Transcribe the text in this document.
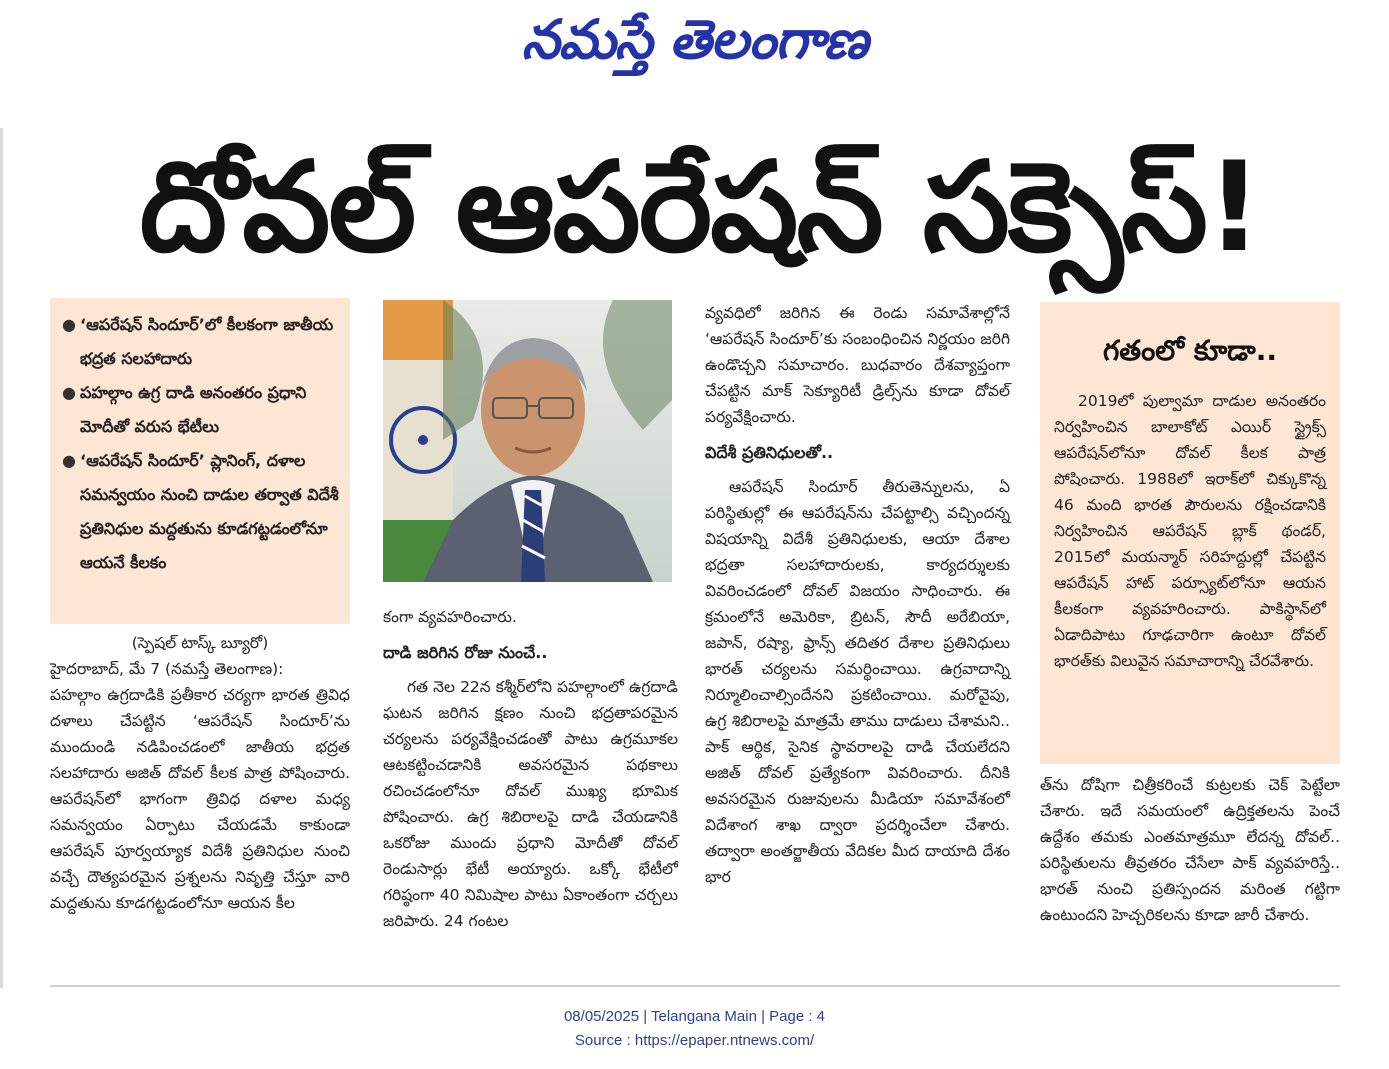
నమస్తే తెలంగాణ
దోవల్ ఆపరేషన్ సక్సెస్!
● ‘ఆపరేషన్ సిందూర్’లో కీలకంగా జాతీయ భద్రత సలహాదారు
● పహల్గాం ఉగ్ర దాడి అనంతరం ప్రధాని మోదీతో వరుస భేటీలు
● ‘ఆపరేషన్ సిందూర్’ ప్లానింగ్, దళాల సమన్వయం నుంచి దాడుల తర్వాత విదేశీ ప్రతినిధుల మద్దతును కూడగట్టడంలోనూ ఆయనే కీలకం

(స్పెషల్ టాస్క్ బ్యూరో)

హైదరాబాద్, మే 7 (నమస్తే తెలంగాణ):

పహల్గాం ఉగ్రదాడికి ప్రతీకార చర్యగా భారత త్రివిధ దళాలు చేపట్టిన ‘ఆపరేషన్ సిందూర్’ను ముందుండి నడిపించడంలో జాతీయ భద్రత సలహాదారు అజిత్ దోవల్ కీలక పాత్ర పోషించారు. ఆపరేషన్‌లో భాగంగా త్రివిధ దళాల మధ్య సమన్వయం ఏర్పాటు చేయడమే కాకుండా ఆపరేషన్ పూర్వయ్యాక విదేశీ ప్రతినిధుల నుంచి వచ్చే దౌత్యపరమైన ప్రశ్నలను నివృత్తి చేస్తూ వారి మద్దతును కూడగట్టడంలోనూ ఆయన కీల

కంగా వ్యవహరించారు.

దాడి జరిగిన రోజు నుంచే..

గత నెల 22న కశ్మీర్‌లోని పహల్గాంలో ఉగ్రదాడి ఘటన జరిగిన క్షణం నుంచి భద్రతాపరమైన చర్యలను పర్యవేక్షించడంతో పాటు ఉగ్రమూకల ఆటకట్టించడానికి అవసరమైన పథకాలు రచించడంలోనూ దోవల్ ముఖ్య భూమిక పోషించారు. ఉగ్ర శిబిరాలపై దాడి చేయడానికి ఒకరోజు ముందు ప్రధాని మోదీతో దోవల్ రెండుసార్లు భేటీ అయ్యారు. ఒక్కో భేటీలో గరిష్ఠంగా 40 నిమిషాల పాటు ఏకాంతంగా చర్చలు జరిపారు. 24 గంటల

వ్యవధిలో జరిగిన ఈ రెండు సమావేశాల్లోనే ‘ఆపరేషన్ సిందూర్’కు సంబంధించిన నిర్ణయం జరిగి ఉండొచ్చని సమాచారం. బుధవారం దేశవ్యాప్తంగా చేపట్టిన మాక్ సెక్యూరిటీ డ్రిల్స్‌ను కూడా దోవల్ పర్యవేక్షించారు.

విదేశీ ప్రతినిధులతో..

ఆపరేషన్ సిందూర్ తీరుతెన్నులను, ఏ పరిస్థితుల్లో ఈ ఆపరేషన్‌ను చేపట్టాల్సి వచ్చిందన్న విషయాన్ని విదేశీ ప్రతినిధులకు, ఆయా దేశాల భద్రతా సలహాదారులకు, కార్యదర్శులకు వివరించడంలో దోవల్ విజయం సాధించారు. ఈ క్రమంలోనే అమెరికా, బ్రిటన్, సౌదీ అరేబియా, జపాన్, రష్యా, ఫ్రాన్స్ తదితర దేశాల ప్రతినిధులు భారత్ చర్యలను సమర్థించాయి. ఉగ్రవాదాన్ని నిర్మూలించాల్సిందేనని ప్రకటించాయి. మరోవైపు, ఉగ్ర శిబిరాలపై మాత్రమే తాము దాడులు చేశామని.. పాక్ ఆర్థిక, సైనిక స్థావరాలపై దాడి చేయలేదని అజిత్ దోవల్ ప్రత్యేకంగా వివరించారు. దీనికి అవసరమైన రుజువులను మీడియా సమావేశంలో విదేశాంగ శాఖ ద్వారా ప్రదర్శించేలా చేశారు. తద్వారా అంతర్జాతీయ వేదికల మీద దాయాది దేశం భార

గతంలో కూడా..
2019లో పుల్వామా దాడుల అనంతరం నిర్వహించిన బాలాకోట్ ఎయిర్ స్ట్రైక్స్ ఆపరేషన్‌లోనూ దోవల్ కీలక పాత్ర పోషించారు. 1988లో ఇరాక్‌లో చిక్కుకొన్న 46 మంది భారత పౌరులను రక్షించడానికి నిర్వహించిన ఆపరేషన్ బ్లాక్ థండర్, 2015లో మయన్మార్ సరిహద్దుల్లో చేపట్టిన ఆపరేషన్ హాట్ పర్స్యూట్‌లోనూ ఆయన కీలకంగా వ్యవహరించారు. పాకిస్థాన్‌లో ఏడాదిపాటు గూఢచారిగా ఉంటూ దోవల్ భారత్‌కు విలువైన సమాచారాన్ని చేరవేశారు.

త్‌ను దోషిగా చిత్రీకరించే కుట్రలకు చెక్ పెట్టేలా చేశారు. ఇదే సమయంలో ఉద్రిక్తతలను పెంచే ఉద్దేశం తమకు ఎంతమాత్రమూ లేదన్న దోవల్.. పరిస్థితులను తీవ్రతరం చేసేలా పాక్ వ్యవహరిస్తే.. భారత్ నుంచి ప్రతిస్పందన మరింత గట్టిగా ఉంటుందని హెచ్చరికలను కూడా జారీ చేశారు.

08/05/2025 | Telangana Main | Page : 4
Source : https://epaper.ntnews.com/
